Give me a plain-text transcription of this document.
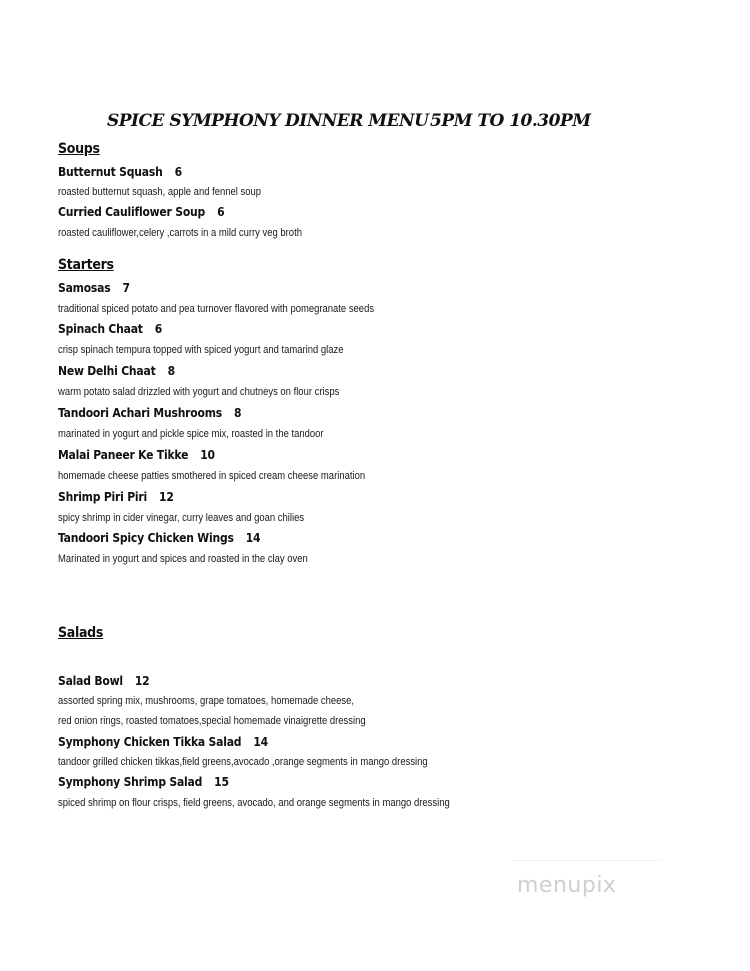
SPICE SYMPHONY DINNER MENU 5PM TO 10.30PM
Soups
Butternut Squash 6
roasted butternut squash, apple and fennel soup
Curried Cauliflower Soup 6
roasted cauliflower,celery ,carrots in a mild curry veg broth
Starters
Samosas 7
traditional spiced potato and pea turnover flavored with pomegranate seeds
Spinach Chaat 6
crisp spinach tempura topped with spiced yogurt and tamarind glaze
New Delhi Chaat 8
warm potato salad drizzled with yogurt and chutneys on flour crisps
Tandoori Achari Mushrooms 8
marinated in yogurt and pickle spice mix, roasted in the tandoor
Malai Paneer Ke Tikke 10
homemade cheese patties smothered in spiced cream cheese marination
Shrimp Piri Piri 12
spicy shrimp in cider vinegar, curry leaves and goan chilies
Tandoori Spicy Chicken Wings 14
Marinated in yogurt and spices and roasted in the clay oven
Salads
Salad Bowl 12
assorted spring mix, mushrooms, grape tomatoes, homemade cheese,
red onion rings, roasted tomatoes,special homemade vinaigrette dressing
Symphony Chicken Tikka Salad 14
tandoor grilled chicken tikkas,field greens,avocado ,orange segments in mango dressing
Symphony Shrimp Salad 15
spiced shrimp on flour crisps, field greens, avocado, and orange segments in mango dressing
menupix
